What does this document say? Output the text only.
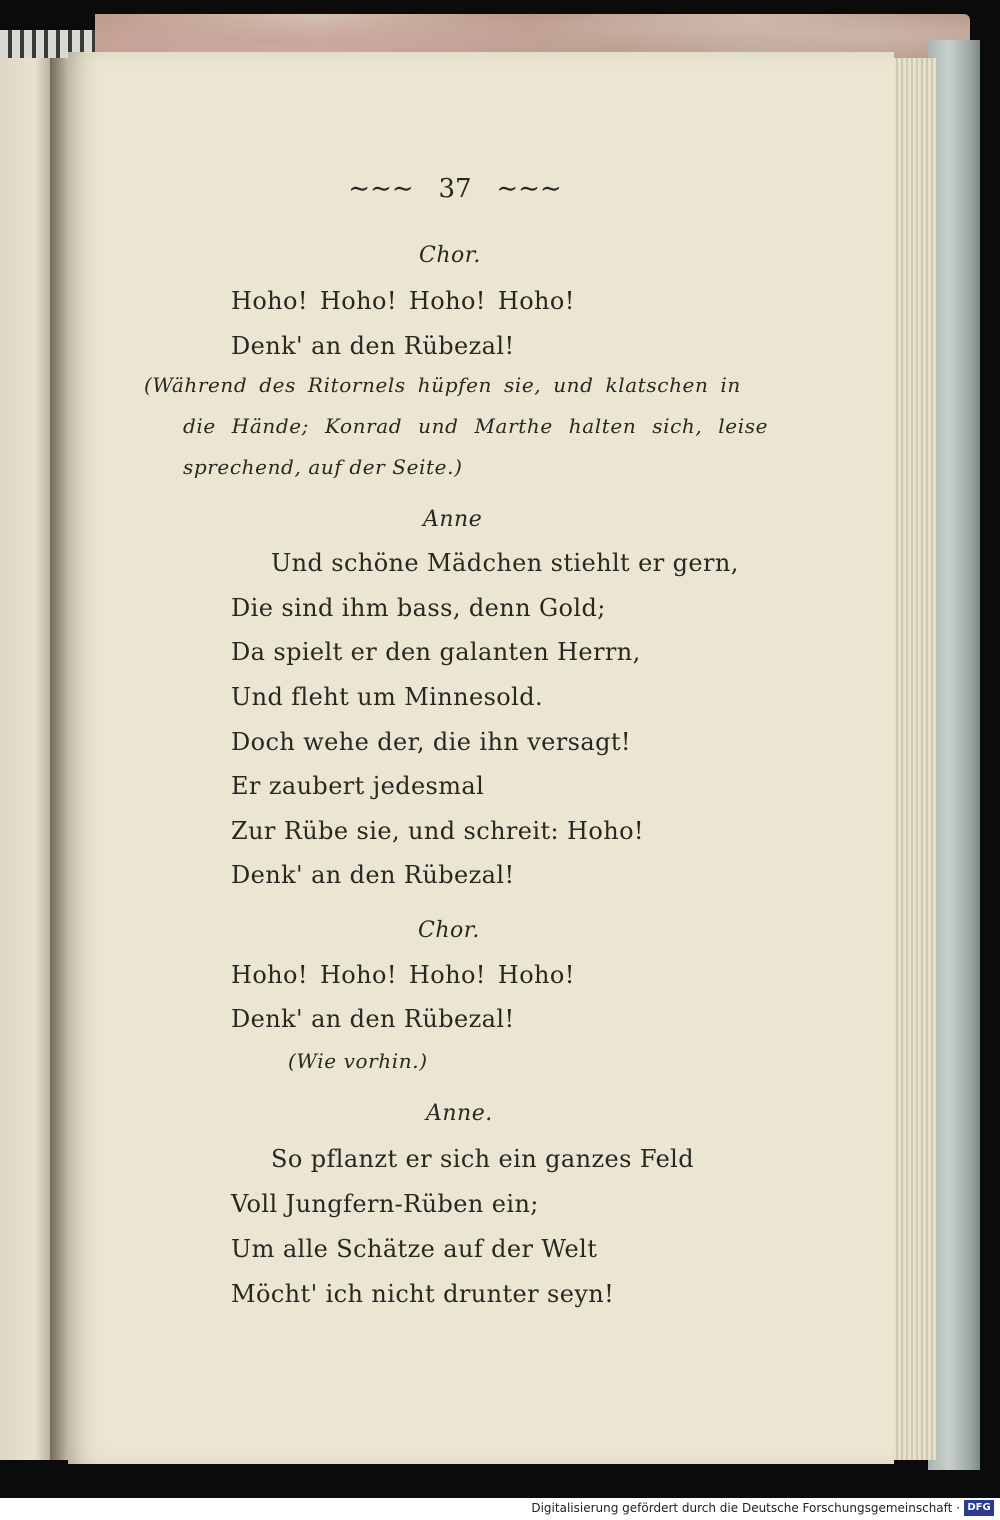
∼∼∼ 37 ∼∼∼
Chor.
Hoho! Hoho! Hoho! Hoho!
Denk' an den Rübezal!
(Während des Ritornels hüpfen sie, und klatschen in
die Hände; Konrad und Marthe halten sich, leise
sprechend, auf der Seite.)
Anne
Und schöne Mädchen stiehlt er gern,
Die sind ihm bass, denn Gold;
Da spielt er den galanten Herrn,
Und fleht um Minnesold.
Doch wehe der, die ihn versagt!
Er zaubert jedesmal
Zur Rübe sie, und schreit: Hoho!
Denk' an den Rübezal!
Chor.
Hoho! Hoho! Hoho! Hoho!
Denk' an den Rübezal!
(Wie vorhin.)
Anne.
So pflanzt er sich ein ganzes Feld
Voll Jungfern-Rüben ein;
Um alle Schätze auf der Welt
Möcht' ich nicht drunter seyn!
Digitalisierung gefördert durch die Deutsche Forschungsgemeinschaft · DFG
